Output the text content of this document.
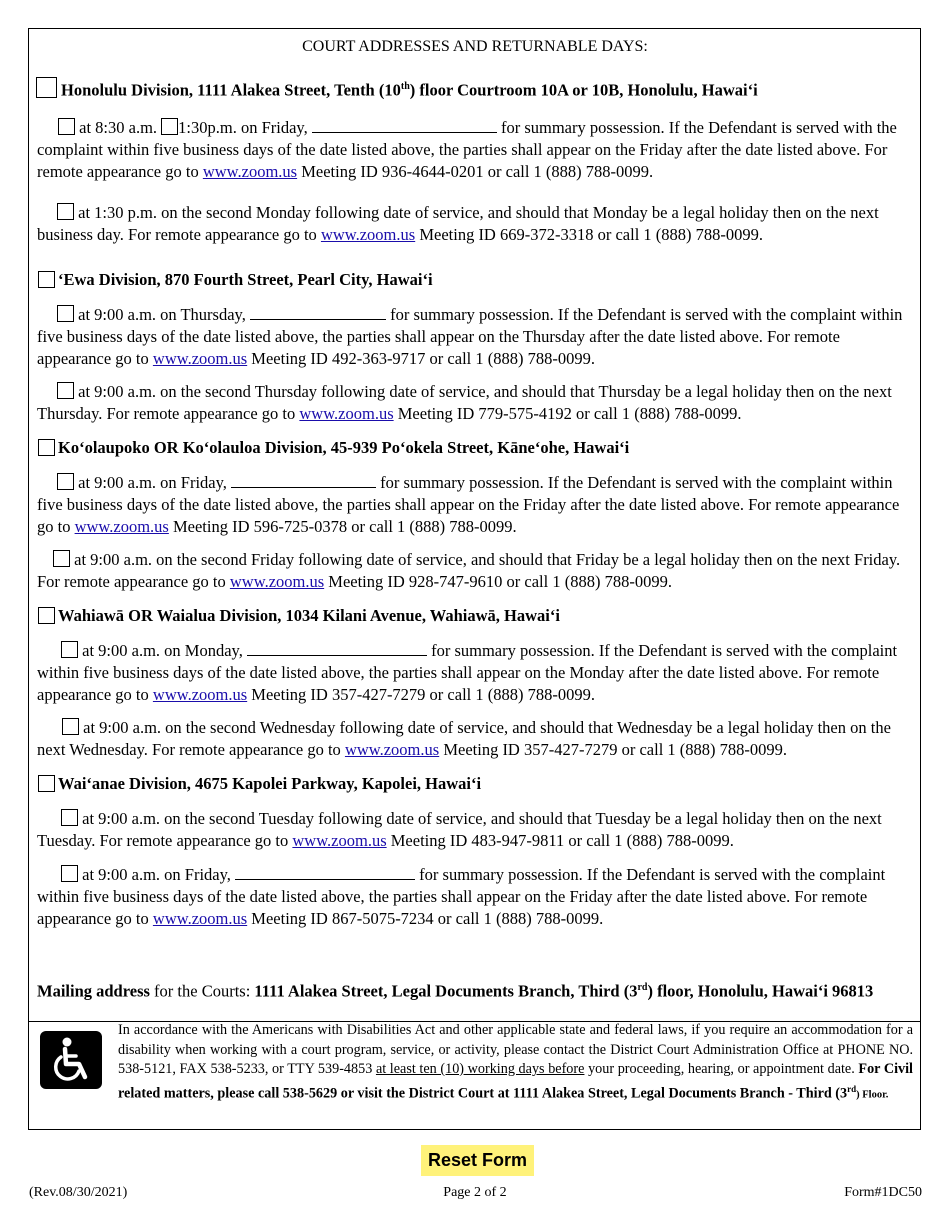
COURT ADDRESSES AND RETURNABLE DAYS:
Honolulu Division, 1111 Alakea Street, Tenth (10th) floor Courtroom 10A or 10B, Honolulu, Hawai‘i
at 8:30 a.m. 1:30p.m. on Friday,	for summary possession. If the Defendant is served with the complaint within five business days of the date listed above, the parties shall appear on the Friday after the date listed above. For remote appearance go to www.zoom.us Meeting ID 936-4644-0201 or call 1 (888) 788-0099.
at 1:30 p.m. on the second Monday following date of service, and should that Monday be a legal holiday then on the next business day. For remote appearance go to www.zoom.us Meeting ID 669-372-3318 or call 1 (888) 788-0099.
‘Ewa Division, 870 Fourth Street, Pearl City, Hawai‘i
at 9:00 a.m. on Thursday,	for summary possession. If the Defendant is served with the complaint within five business days of the date listed above, the parties shall appear on the Thursday after the date listed above. For remote appearance go to www.zoom.us Meeting ID 492-363-9717 or call 1 (888) 788-0099.
at 9:00 a.m. on the second Thursday following date of service, and should that Thursday be a legal holiday then on the next Thursday. For remote appearance go to www.zoom.us Meeting ID 779-575-4192 or call 1 (888) 788-0099.
Ko‘olaupoko OR Ko‘olauloa Division, 45-939 Po‘okela Street, Kāne‘ohe, Hawai‘i
at 9:00 a.m. on Friday,	for summary possession. If the Defendant is served with the complaint within five business days of the date listed above, the parties shall appear on the Friday after the date listed above. For remote appearance go to www.zoom.us Meeting ID 596-725-0378 or call 1 (888) 788-0099.
at 9:00 a.m. on the second Friday following date of service, and should that Friday be a legal holiday then on the next Friday. For remote appearance go to www.zoom.us Meeting ID 928-747-9610 or call 1 (888) 788-0099.
Wahiawā OR Waialua Division, 1034 Kilani Avenue, Wahiawā, Hawai‘i
at 9:00 a.m. on Monday,	for summary possession. If the Defendant is served with the complaint within five business days of the date listed above, the parties shall appear on the Monday after the date listed above. For remote appearance go to www.zoom.us Meeting ID 357-427-7279 or call 1 (888) 788-0099.
at 9:00 a.m. on the second Wednesday following date of service, and should that Wednesday be a legal holiday then on the next Wednesday. For remote appearance go to www.zoom.us Meeting ID 357-427-7279 or call 1 (888) 788-0099.
Wai‘anae Division, 4675 Kapolei Parkway, Kapolei, Hawai‘i
at 9:00 a.m. on the second Tuesday following date of service, and should that Tuesday be a legal holiday then on the next Tuesday. For remote appearance go to www.zoom.us Meeting ID 483-947-9811 or call 1 (888) 788-0099.
at 9:00 a.m. on Friday,	for summary possession. If the Defendant is served with the complaint within five business days of the date listed above, the parties shall appear on the Friday after the date listed above. For remote appearance go to www.zoom.us Meeting ID 867-5075-7234 or call 1 (888) 788-0099.
Mailing address for the Courts: 1111 Alakea Street, Legal Documents Branch, Third (3rd) floor, Honolulu, Hawai‘i 96813
In accordance with the Americans with Disabilities Act and other applicable state and federal laws, if you require an accommodation for a disability when working with a court program, service, or activity, please contact the District Court Administration Office at PHONE NO. 538-5121, FAX 538-5233, or TTY 539-4853 at least ten (10) working days before your proceeding, hearing, or appointment date. For Civil related matters, please call 538-5629 or visit the District Court at 1111 Alakea Street, Legal Documents Branch - Third (3rd) Floor.
Reset Form
(Rev.08/30/2021)	Page 2 of 2	Form#1DC50
